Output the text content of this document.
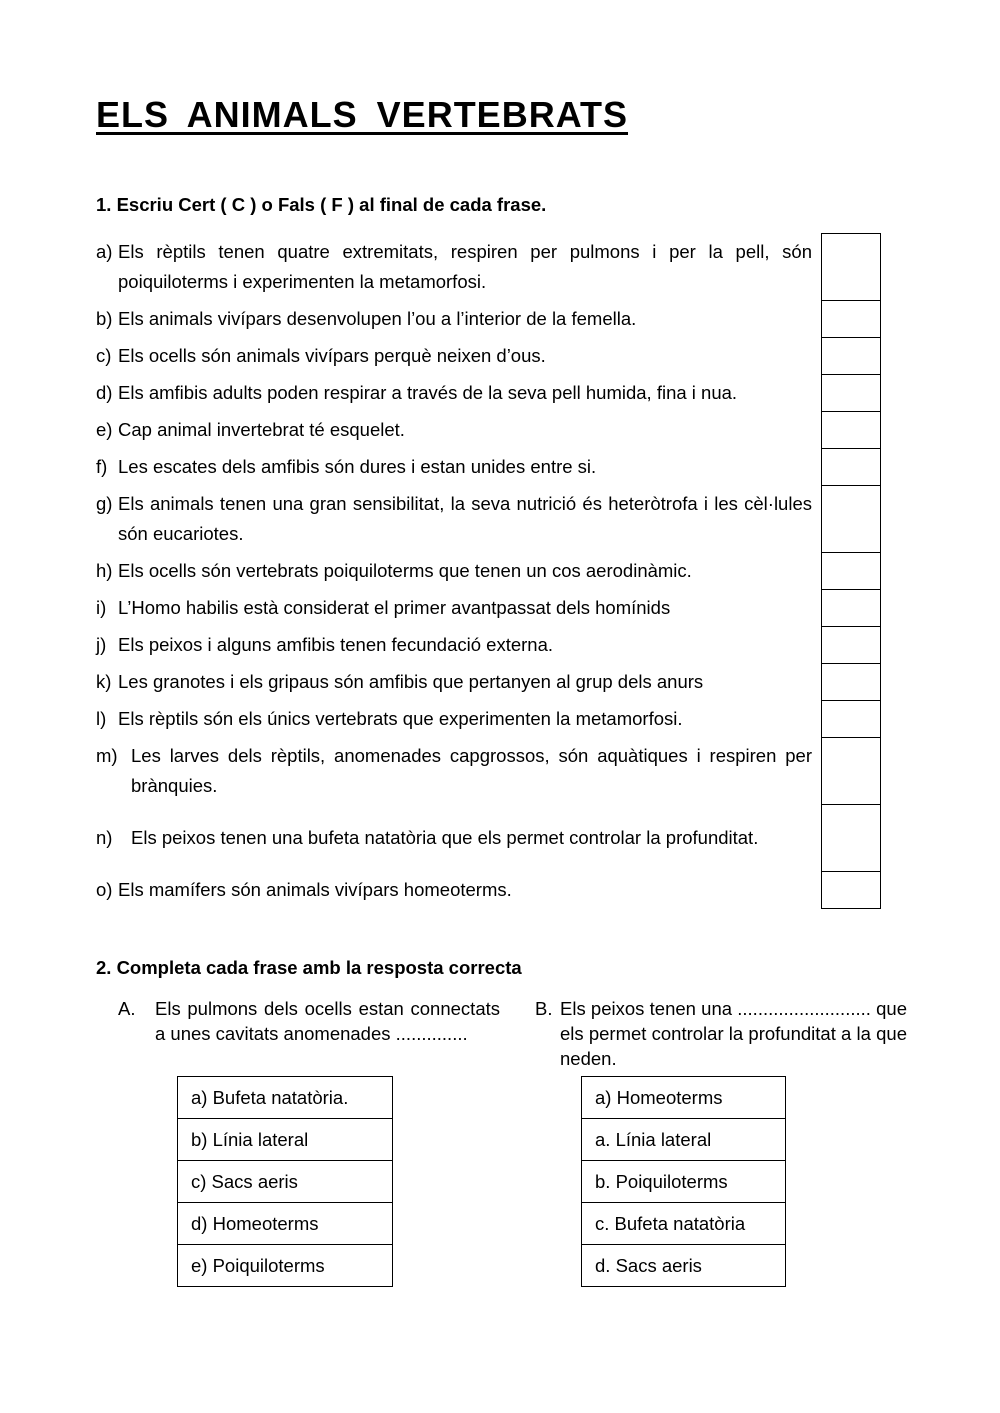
ELS ANIMALS VERTEBRATS
1. Escriu Cert ( C ) o Fals ( F ) al final de cada frase.
a) Els rèptils tenen quatre extremitats, respiren per pulmons i per la pell, són poiquiloterms i experimenten la metamorfosi.	

b) Els animals vivípars desenvolupen l’ou a l’interior de la femella.	

c) Els ocells són animals vivípars perquè neixen d’ous.	

d) Els amfibis adults poden respirar a través de la seva pell humida, fina i nua.	

e) Cap animal invertebrat té esquelet.	

f) Les escates dels amfibis són dures i estan unides entre si.	

g) Els animals tenen una gran sensibilitat, la seva nutrició és heteròtrofa i les cèl·lules són eucariotes.	

h) Els ocells són vertebrats poiquiloterms que tenen un cos aerodinàmic.	

i) L’Homo habilis està considerat el primer avantpassat dels homínids	

j) Els peixos i alguns amfibis tenen fecundació externa.	

k) Les granotes i els gripaus són amfibis que pertanyen al grup dels anurs	

l) Els rèptils són els únics vertebrats que experimenten la metamorfosi.	

m) Les larves dels rèptils, anomenades capgrossos, són aquàtiques i respiren per brànquies.	

n) Els peixos tenen una bufeta natatòria que els permet controlar la profunditat.	

o) Els mamífers són animals vivípars homeoterms.	

2. Completa cada frase amb la resposta correcta
A.	Els pulmons dels ocells estan connectats a unes cavitats anomenades ..............
B. Els peixos tenen una .......................... que els permet controlar la profunditat a la que neden.
a) Bufeta natatòria.
b) Línia lateral
c) Sacs aeris
d) Homeoterms
e) Poiquiloterms
a) Homeoterms
a. Línia lateral
b. Poiquiloterms
c. Bufeta natatòria
d. Sacs aeris
